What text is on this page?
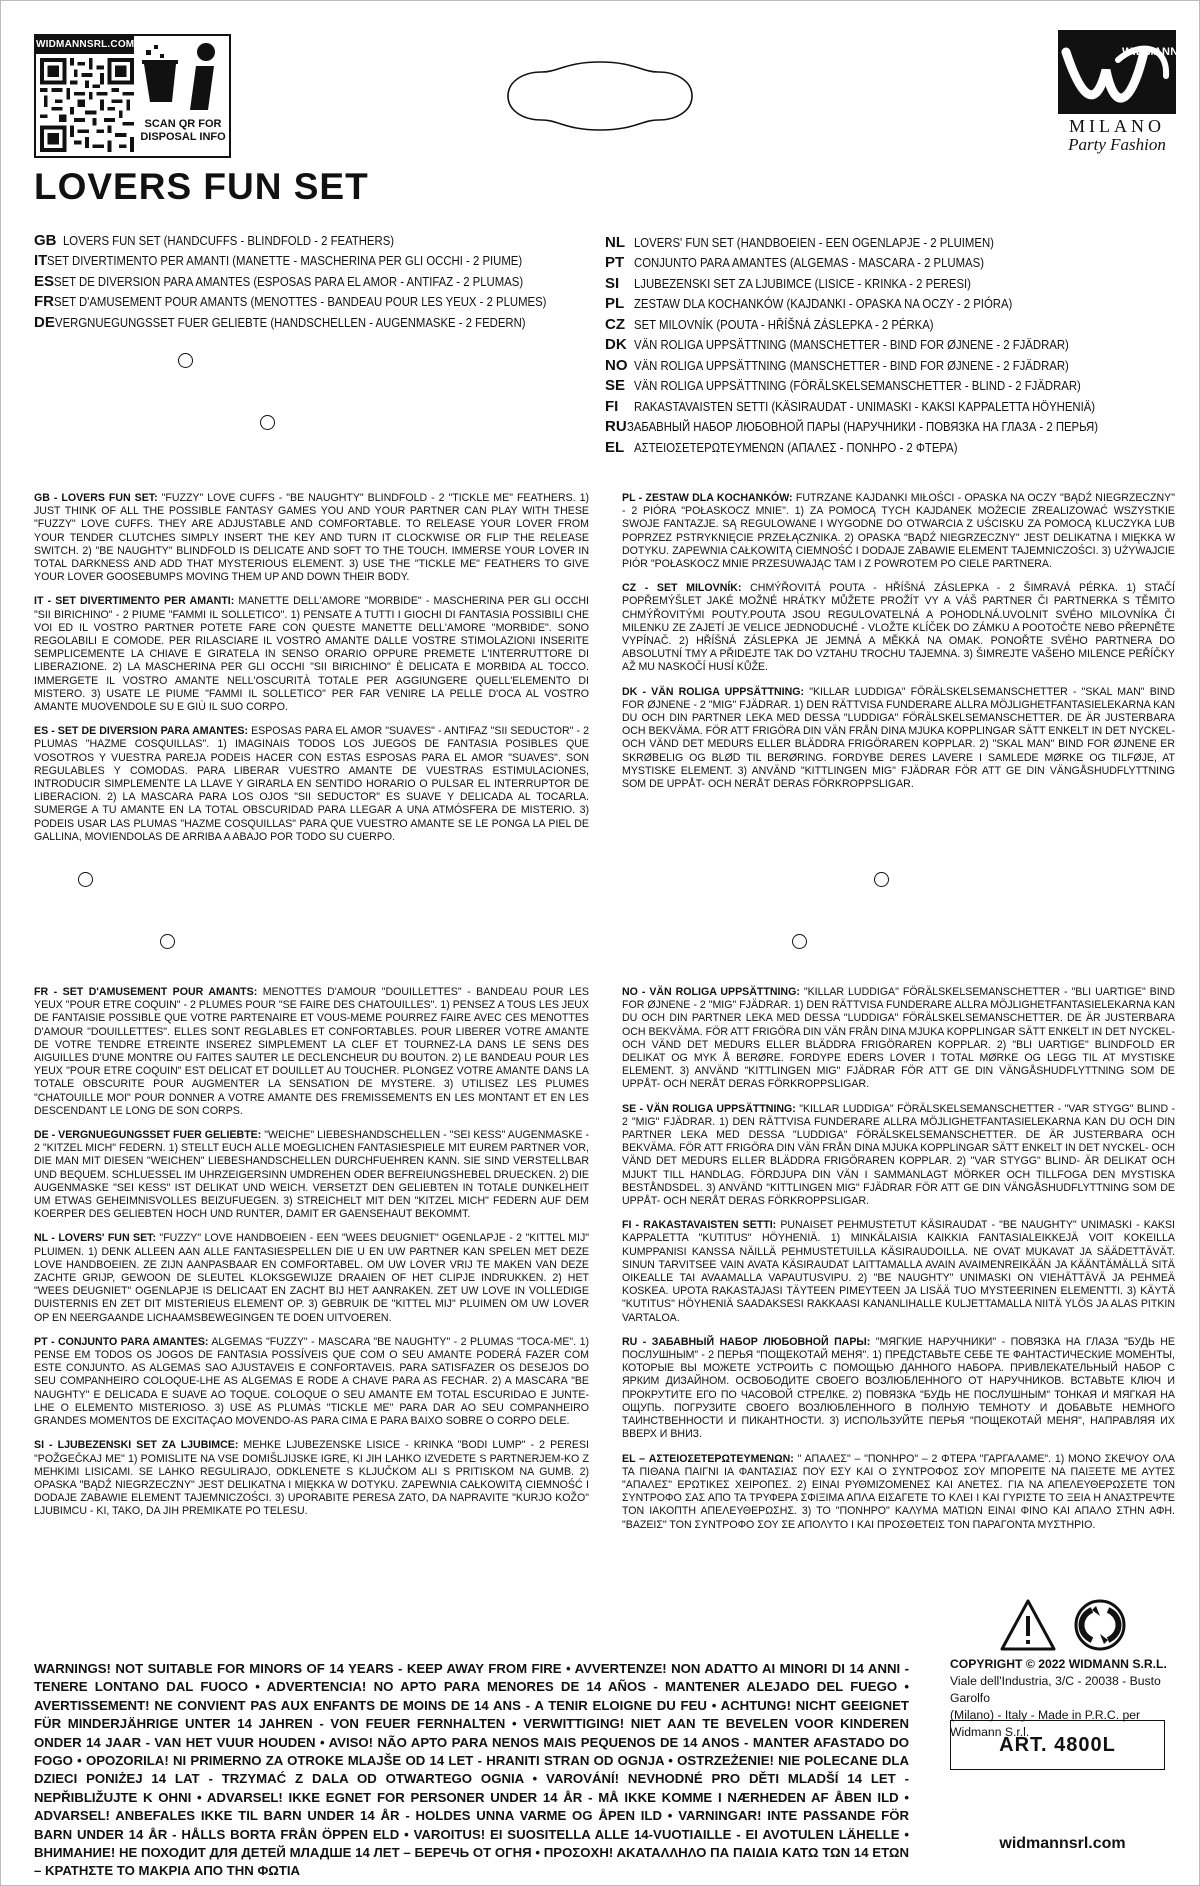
WIDMANNSRL.COM
SCAN QR FOR
DISPOSAL INFO
WIDMANN
MILANO
Party Fashion
LOVERS FUN SET
GB LOVERS FUN SET (HANDCUFFS - BLINDFOLD - 2 FEATHERS)
IT SET DIVERTIMENTO PER AMANTI (MANETTE - MASCHERINA PER GLI OCCHI - 2 PIUME)
ES SET DE DIVERSION PARA AMANTES (ESPOSAS PARA EL AMOR - ANTIFAZ - 2 PLUMAS)
FR SET D'AMUSEMENT POUR AMANTS (MENOTTES - BANDEAU POUR LES YEUX - 2 PLUMES)
DE VERGNUEGUNGSSET FUER GELIEBTE (HANDSCHELLEN - AUGENMASKE - 2 FEDERN)
NL LOVERS' FUN SET (HANDBOEIEN - EEN OGENLAPJE - 2 PLUIMEN)
PT CONJUNTO PARA AMANTES (ALGEMAS - MASCARA - 2 PLUMAS)
SI	LJUBEZENSKI SET ZA LJUBIMCE (LISICE - KRINKA - 2 PERESI)
PL ZESTAW DLA KOCHANKÓW (KAJDANKI - OPASKA NA OCZY - 2 PIÓRA)
CZ SET MILOVNÍK (POUTA - HŘÍŠNÁ ZÁSLEPKA - 2 PÉRKA)
DK VÄN ROLIGA UPPSÄTTNING (MANSCHETTER - BIND FOR ØJNENE - 2 FJÄDRAR)
NO VÄN ROLIGA UPPSÄTTNING (MANSCHETTER - BIND FOR ØJNENE - 2 FJÄDRAR)
SE VÄN ROLIGA UPPSÄTTNING (FÖRÄLSKELSEMANSCHETTER - BLIND - 2 FJÄDRAR)
FI	RAKASTAVAISTEN SETTI (KÄSIRAUDAT - UNIMASKI - KAKSI KAPPALETTA HÖYHENIÄ)
RU ЗАБАВНЫЙ НАБОР ЛЮБОВНОЙ ПАРЫ (НАРУЧНИКИ - ПОВЯЗКА НА ГЛАЗА - 2 ПЕРЬЯ)
EL ΑΣΤΕΙΟΣΕΤΕΡΩΤΕΥΜΕΝΩΝ (ΑΠΑΛΕΣ - ΠΟΝΗΡΟ - 2 ΦΤΕΡΑ)

GB - LOVERS FUN SET: "FUZZY" LOVE CUFFS - "BE NAUGHTY" BLINDFOLD - 2 "TICKLE ME" FEATHERS. 1) JUST THINK OF ALL THE POSSIBLE FANTASY GAMES YOU AND YOUR PARTNER CAN PLAY WITH THESE "FUZZY" LOVE CUFFS. THEY ARE ADJUSTABLE AND COMFORTABLE. TO RELEASE YOUR LOVER FROM YOUR TENDER CLUTCHES SIMPLY INSERT THE KEY AND TURN IT CLOCKWISE OR FLIP THE RELEASE SWITCH. 2) "BE NAUGHTY" BLINDFOLD IS DELICATE AND SOFT TO THE TOUCH. IMMERSE YOUR LOVER IN TOTAL DARKNESS AND ADD THAT MYSTERIOUS ELEMENT. 3) USE THE "TICKLE ME" FEATHERS TO GIVE YOUR LOVER GOOSEBUMPS MOVING THEM UP AND DOWN THEIR BODY.

IT - SET DIVERTIMENTO PER AMANTI: MANETTE DELL'AMORE "MORBIDE" - MASCHERINA PER GLI OCCHI "SII BIRICHINO" - 2 PIUME "FAMMI IL SOLLETICO". 1) PENSATE A TUTTI I GIOCHI DI FANTASIA POSSIBILI CHE VOI ED IL VOSTRO PARTNER POTETE FARE CON QUESTE MANETTE DELL'AMORE "MORBIDE". SONO REGOLABILI E COMODE. PER RILASCIARE IL VOSTRO AMANTE DALLE VOSTRE STIMOLAZIONI INSERITE SEMPLICEMENTE LA CHIAVE E GIRATELA IN SENSO ORARIO OPPURE PREMETE L'INTERRUTTORE DI LIBERAZIONE. 2) LA MASCHERINA PER GLI OCCHI "SII BIRICHINO" È DELICATA E MORBIDA AL TOCCO. IMMERGETE IL VOSTRO AMANTE NELL'OSCURITÀ TOTALE PER AGGIUNGERE QUELL'ELEMENTO DI MISTERO. 3) USATE LE PIUME "FAMMI IL SOLLETICO" PER FAR VENIRE LA PELLE D'OCA AL VOSTRO AMANTE MUOVENDOLE SU E GIÙ IL SUO CORPO.

ES - SET DE DIVERSION PARA AMANTES: ESPOSAS PARA EL AMOR "SUAVES" - ANTIFAZ "SII SEDUCTOR" - 2 PLUMAS "HAZME COSQUILLAS". 1) IMAGINAIS TODOS LOS JUEGOS DE FANTASIA POSIBLES QUE VOSOTROS Y VUESTRA PAREJA PODEIS HACER CON ESTAS ESPOSAS PARA EL AMOR "SUAVES". SON REGULABLES Y COMODAS. PARA LIBERAR VUESTRO AMANTE DE VUESTRAS ESTIMULACIONES, INTRODUCIR SIMPLEMENTE LA LLAVE Y GIRARLA EN SENTIDO HORARIO O PULSAR EL INTERRUPTOR DE LIBERACION. 2) LA MASCARA PARA LOS OJOS "SII SEDUCTOR" ES SUAVE Y DELICADA AL TOCARLA. SUMERGE A TU AMANTE EN LA TOTAL OBSCURIDAD PARA LLEGAR A UNA ATMÓSFERA DE MISTERIO. 3) PODEIS USAR LAS PLUMAS "HAZME COSQUILLAS" PARA QUE VUESTRO AMANTE SE LE PONGA LA PIEL DE GALLINA, MOVIENDOLAS DE ARRIBA A ABAJO POR TODO SU CUERPO.

PL - ZESTAW DLA KOCHANKÓW: FUTRZANE KAJDANKI MIŁOŚCI - OPASKA NA OCZY "BĄDŹ NIEGRZECZNY" - 2 PIÓRA "POŁASKOCZ MNIE". 1) ZA POMOCĄ TYCH KAJDANEK MOŻECIE ZREALIZOWAĆ WSZYSTKIE SWOJE FANTAZJE. SĄ REGULOWANE I WYGODNE DO OTWARCIA Z UŚCISKU ZA POMOCĄ KLUCZYKA LUB POPRZEZ PSTRYKNIĘCIE PRZEŁĄCZNIKA. 2) OPASKA "BĄDŹ NIEGRZECZNY" JEST DELIKATNA I MIĘKKA W DOTYKU. ZAPEWNIA CAŁKOWITĄ CIEMNOŚĆ I DODAJE ZABAWIE ELEMENT TAJEMNICZOŚCI. 3) UŻYWAJCIE PIÓR "POŁASKOCZ MNIE PRZESUWAJĄC TAM I Z POWROTEM PO CIELE PARTNERA.

CZ - SET MILOVNÍK: CHMÝŘOVITÁ POUTA - HŘÍŠNÁ ZÁSLEPKA - 2 ŠIMRAVÁ PÉRKA. 1) STAČÍ POPŘEMÝŠLET JAKÉ MOŽNÉ HRÁTKY MŮŽETE PROŽÍT VY A VÁŠ PARTNER ČI PARTNERKA S TĚMITO CHMÝŘOVITÝMI POUTY.POUTA JSOU REGULOVATELNÁ A POHODLNÁ.UVOLNIT SVÉHO MILOVNÍKA ČI MILENKU ZE ZAJETÍ JE VELICE JEDNODUCHÉ - VLOŽTE KLÍČEK DO ZÁMKU A POOTOČTE NEBO PŘEPNĚTE VYPÍNAČ. 2) HŘÍŠNÁ ZÁSLEPKA JE JEMNÁ A MĚKKÁ NA OMAK. PONOŘTE SVÉHO PARTNERA DO ABSOLUTNÍ TMY A PŘIDEJTE TAK DO VZTAHU TROCHU TAJEMNA. 3) ŠIMREJTE VAŠEHO MILENCE PEŘÍČKY AŽ MU NASKOČÍ HUSÍ KŮŽE.

DK - VÄN ROLIGA UPPSÄTTNING: "KILLAR LUDDIGA" FÖRÄLSKELSEMANSCHETTER - "SKAL MAN" BIND FOR ØJNENE - 2 "MIG" FJÄDRAR. 1) DEN RÄTTVISA FUNDERARE ALLRA MÖJLIGHETFANTASIELEKARNA KAN DU OCH DIN PARTNER LEKA MED DESSA "LUDDIGA" FÖRÄLSKELSEMANSCHETTER. DE ÄR JUSTERBARA OCH BEKVÄMA. FÖR ATT FRIGÖRA DIN VÄN FRÅN DINA MJUKA KOPPLINGAR SÄTT ENKELT IN DET NYCKEL- OCH VÄND DET MEDURS ELLER BLÄDDRA FRIGÖRAREN KOPPLAR. 2) "SKAL MAN" BIND FOR ØJNENE ER SKRØBELIG OG BLØD TIL BERØRING. FORDYBE DERES LAVERE I SAMLEDE MØRKE OG TILFØJE, AT MYSTISKE ELEMENT. 3) ANVÄND "KITTLINGEN MIG" FJÄDRAR FÖR ATT GE DIN VÄNGÅSHUDFLYTTNING SOM DE UPPÅT- OCH NERÅT DERAS FÖRKROPPSLIGAR.

FR - SET D'AMUSEMENT POUR AMANTS: MENOTTES D'AMOUR "DOUILLETTES" - BANDEAU POUR LES YEUX "POUR ETRE COQUIN" - 2 PLUMES POUR "SE FAIRE DES CHATOUILLES". 1) PENSEZ A TOUS LES JEUX DE FANTAISIE POSSIBLE QUE VOTRE PARTENAIRE ET VOUS-MEME POURREZ FAIRE AVEC CES MENOTTES D'AMOUR "DOUILLETTES". ELLES SONT REGLABLES ET CONFORTABLES. POUR LIBERER VOTRE AMANTE DE VOTRE TENDRE ETREINTE INSEREZ SIMPLEMENT LA CLEF ET TOURNEZ-LA DANS LE SENS DES AIGUILLES D'UNE MONTRE OU FAITES SAUTER LE DECLENCHEUR DU BOUTON. 2) LE BANDEAU POUR LES YEUX "POUR ETRE COQUIN" EST DELICAT ET DOUILLET AU TOUCHER. PLONGEZ VOTRE AMANTE DANS LA TOTALE OBSCURITE POUR AUGMENTER LA SENSATION DE MYSTERE. 3) UTILISEZ LES PLUMES "CHATOUILLE MOI" POUR DONNER A VOTRE AMANTE DES FREMISSEMENTS EN LES MONTANT ET EN LES DESCENDANT LE LONG DE SON CORPS.

DE - VERGNUEGUNGSSET FUER GELIEBTE: "WEICHE" LIEBESHANDSCHELLEN - "SEI KESS" AUGENMASKE - 2 "KITZEL MICH" FEDERN. 1) STELLT EUCH ALLE MOEGLICHEN FANTASIESPIELE MIT EUREM PARTNER VOR, DIE MAN MIT DIESEN "WEICHEN" LIEBESHANDSCHELLEN DURCHFUEHREN KANN. SIE SIND VERSTELLBAR UND BEQUEM. SCHLUESSEL IM UHRZEIGERSINN UMDREHEN ODER BEFREIUNGSHEBEL DRUECKEN. 2) DIE AUGENMASKE "SEI KESS" IST DELIKAT UND WEICH. VERSETZT DEN GELIEBTEN IN TOTALE DUNKELHEIT UM ETWAS GEHEIMNISVOLLES BEIZUFUEGEN. 3) STREICHELT MIT DEN "KITZEL MICH" FEDERN AUF DEM KOERPER DES GELIEBTEN HOCH UND RUNTER, DAMIT ER GAENSEHAUT BEKOMMT.

NL - LOVERS' FUN SET: "FUZZY" LOVE HANDBOEIEN - EEN "WEES DEUGNIET" OGENLAPJE - 2 "KITTEL MIJ" PLUIMEN. 1) DENK ALLEEN AAN ALLE FANTASIESPELLEN DIE U EN UW PARTNER KAN SPELEN MET DEZE LOVE HANDBOEIEN. ZE ZIJN AANPASBAAR EN COMFORTABEL. OM UW LOVER VRIJ TE MAKEN VAN DEZE ZACHTE GRIJP, GEWOON DE SLEUTEL KLOKSGEWIJZE DRAAIEN OF HET CLIPJE INDRUKKEN. 2) HET "WEES DEUGNIET" OGENLAPJE IS DELICAAT EN ZACHT BIJ HET AANRAKEN. ZET UW LOVE IN VOLLEDIGE DUISTERNIS EN ZET DIT MISTERIEUS ELEMENT OP. 3) GEBRUIK DE "KITTEL MIJ" PLUIMEN OM UW LOVER OP EN NEERGAANDE LICHAAMSBEWEGINGEN TE DOEN UITVOEREN.

PT - CONJUNTO PARA AMANTES: ALGEMAS "FUZZY" - MASCARA "BE NAUGHTY" - 2 PLUMAS "TOCA-ME". 1) PENSE EM TODOS OS JOGOS DE FANTASIA POSSÍVEIS QUE COM O SEU AMANTE PODERÁ FAZER COM ESTE CONJUNTO. AS ALGEMAS SAO AJUSTAVEIS E CONFORTAVEIS. PARA SATISFAZER OS DESEJOS DO SEU COMPANHEIRO COLOQUE-LHE AS ALGEMAS E RODE A CHAVE PARA AS FECHAR. 2) A MASCARA "BE NAUGHTY" E DELICADA E SUAVE AO TOQUE. COLOQUE O SEU AMANTE EM TOTAL ESCURIDAO E JUNTE-LHE O ELEMENTO MISTERIOSO. 3) USE AS PLUMAS "TICKLE ME" PARA DAR AO SEU COMPANHEIRO GRANDES MOMENTOS DE EXCITAÇAO MOVENDO-AS PARA CIMA E PARA BAIXO SOBRE O CORPO DELE.

SI - LJUBEZENSKI SET ZA LJUBIMCE: MEHKE LJUBEZENSKE LISICE - KRINKA "BODI LUMP" - 2 PERESI "POŽGEČKAJ ME" 1) POMISLITE NA VSE DOMIŠLJIJSKE IGRE, KI JIH LAHKO IZVEDETE S PARTNERJEM-KO Z MEHKIMI LISICAMI. SE LAHKO REGULIRAJO, ODKLENETE S KLJUČKOM ALI S PRITISKOM NA GUMB. 2) OPASKA "BĄDŹ NIEGRZECZNY" JEST DELIKATNA I MIĘKKA W DOTYKU. ZAPEWNIA CAŁKOWITĄ CIEMNOŚĆ I DODAJE ZABAWIE ELEMENT TAJEMNICZOŚCI. 3) UPORABITE PERESA ZATO, DA NAPRAVITE "KURJO KOŽO" LJUBIMCU - KI, TAKO, DA JIH PREMIKATE PO TELESU.

NO - VÄN ROLIGA UPPSÄTTNING: "KILLAR LUDDIGA" FÖRÄLSKELSEMANSCHETTER - "BLI UARTIGE" BIND FOR ØJNENE - 2 "MIG" FJÄDRAR. 1) DEN RÄTTVISA FUNDERARE ALLRA MÖJLIGHETFANTASIELEKARNA KAN DU OCH DIN PARTNER LEKA MED DESSA "LUDDIGA" FÖRÄLSKELSEMANSCHETTER. DE ÄR JUSTERBARA OCH BEKVÄMA. FÖR ATT FRIGÖRA DIN VÄN FRÅN DINA MJUKA KOPPLINGAR SÄTT ENKELT IN DET NYCKEL- OCH VÄND DET MEDURS ELLER BLÄDDRA FRIGÖRAREN KOPPLAR. 2) "BLI UARTIGE" BLINDFOLD ER DELIKAT OG MYK Å BERØRE. FORDYPE EDERS LOVER I TOTAL MØRKE OG LEGG TIL AT MYSTISKE ELEMENT. 3) ANVÄND "KITTLINGEN MIG" FJÄDRAR FÖR ATT GE DIN VÄNGÅSHUDFLYTTNING SOM DE UPPÅT- OCH NERÅT DERAS FÖRKROPPSLIGAR.

SE - VÄN ROLIGA UPPSÄTTNING: "KILLAR LUDDIGA" FÖRÄLSKELSEMANSCHETTER - "VAR STYGG" BLIND - 2 "MIG" FJÄDRAR. 1) DEN RÄTTVISA FUNDERARE ALLRA MÖJLIGHETFANTASIELEKARNA KAN DU OCH DIN PARTNER LEKA MED DESSA "LUDDIGA" FÖRÄLSKELSEMANSCHETTER. DE ÄR JUSTERBARA OCH BEKVÄMA. FÖR ATT FRIGÖRA DIN VÄN FRÅN DINA MJUKA KOPPLINGAR SÄTT ENKELT IN DET NYCKEL- OCH VÄND DET MEDURS ELLER BLÄDDRA FRIGÖRAREN KOPPLAR. 2) "VAR STYGG" BLIND- ÄR DELIKAT OCH MJUKT TILL HANDLAG. FÖRDJUPA DIN VÄN I SAMMANLAGT MÖRKER OCH TILLFOGA DEN MYSTISKA BESTÅNDSDEL. 3) ANVÄND "KITTLINGEN MIG" FJÄDRAR FÖR ATT GE DIN VÄNGÅSHUDFLYTTNING SOM DE UPPÅT- OCH NERÅT DERAS FÖRKROPPSLIGAR.

FI - RAKASTAVAISTEN SETTI: PUNAISET PEHMUSTETUT KÄSIRAUDAT - "BE NAUGHTY" UNIMASKI - KAKSI KAPPALETTA "KUTITUS" HÖYHENIÄ. 1) MINKÄLAISIA KAIKKIA FANTASIALEIKKEJÄ VOIT KOKEILLA KUMPPANISI KANSSA NÄILLÄ PEHMUSTETUILLA KÄSIRAUDOILLA. NE OVAT MUKAVAT JA SÄÄDETTÄVÄT. SINUN TARVITSEE VAIN AVATA KÄSIRAUDAT LAITTAMALLA AVAIN AVAIMENREIKÄÄN JA KÄÄNTÄMÄLLÄ SITÄ OIKEALLE TAI AVAAMALLA VAPAUTUSVIPU. 2) "BE NAUGHTY" UNIMASKI ON VIEHÄTTÄVÄ JA PEHMEÄ KOSKEA. UPOTA RAKASTAJASI TÄYTEEN PIMEYTEEN JA LISÄÄ TUO MYSTEERINEN ELEMENTTI. 3) KÄYTÄ "KUTITUS" HÖYHENIÄ SAADAKSESI RAKKAASI KANANLIHALLE KULJETTAMALLA NIITÄ YLÖS JA ALAS PITKIN VARTALOA.

RU - ЗАБАВНЫЙ НАБОР ЛЮБОВНОЙ ПАРЫ: "МЯГКИЕ НАРУЧНИКИ" - ПОВЯЗКА НА ГЛАЗА "БУДЬ НЕ ПОСЛУШНЫМ" - 2 ПЕРЬЯ "ПОЩЕКОТАЙ МЕНЯ". 1) ПРЕДСТАВЬТЕ СЕБЕ ТЕ ФАНТАСТИЧЕСКИЕ МОМЕНТЫ, КОТОРЫЕ ВЫ МОЖЕТЕ УСТРОИТЬ С ПОМОЩЬЮ ДАННОГО НАБОРА. ПРИВЛЕКАТЕЛЬНЫЙ НАБОР С ЯРКИМ ДИЗАЙНОМ. ОСВОБОДИТЕ СВОЕГО ВОЗЛЮБЛЕННОГО ОТ НАРУЧНИКОВ. ВСТАВЬТЕ КЛЮЧ И ПРОКРУТИТЕ ЕГО ПО ЧАСОВОЙ СТРЕЛКЕ. 2) ПОВЯЗКА "БУДЬ НЕ ПОСЛУШНЫМ" ТОНКАЯ И МЯГКАЯ НА ОЩУПЬ. ПОГРУЗИТЕ СВОЕГО ВОЗЛЮБЛЕННОГО В ПОЛНУЮ ТЕМНОТУ И ДОБАВЬТЕ НЕМНОГО ТАИНСТВЕННОСТИ И ПИКАНТНОСТИ. 3) ИСПОЛЬЗУЙТЕ ПЕРЬЯ "ПОЩЕКОТАЙ МЕНЯ", НАПРАВЛЯЯ ИХ ВВЕРХ И ВНИЗ.

EL – ΑΣΤΕΙΟΣΕΤΕΡΩΤΕΥΜΕΝΩΝ: " ΑΠΑΛΕΣ" – "ΠΟΝΗΡΟ" – 2 ΦΤΕΡΑ "ΓΑΡΓΑΛΑΜΕ". 1) ΜΟΝΟ ΣΚΕΨΟΥ ΟΛΑ ΤΑ ΠΙΘΑΝΑ ΠΑΙΓΝΙ ΙΑ ΦΑΝΤΑΣΙΑΣ ΠΟΥ ΕΣΥ ΚΑΙ Ο ΣΥΝΤΡΟΦΟΣ ΣΟΥ ΜΠΟΡΕΙΤΕ ΝΑ ΠΑΙΞΕΤΕ ΜΕ ΑΥΤΕΣ "ΑΠΑΛΕΣ" ΕΡΩΤΙΚΕΣ ΧΕΙΡΟΠΕΣ. 2) ΕΙΝΑΙ ΡΥΘΜΙΖΟΜΕΝΕΣ ΚΑΙ ΑΝΕΤΕΣ. ΓΙΑ ΝΑ ΑΠΕΛΕΥΘΕΡΩΣΕΤΕ ΤΟΝ ΣΥΝΤΡΟΦΟ ΣΑΣ ΑΠΟ ΤΑ ΤΡΥΦΕΡΑ ΣΦΙΞΙΜΑ ΑΠΛΑ ΕΙΣΑΓΕΤΕ ΤΟ ΚΛΕΙ Ι ΚΑΙ ΓΥΡΙΣΤΕ ΤΟ ΞΕΙΑ Η ΑΝΑΣΤΡΕΨΤΕ ΤΟΝ ΙΑΚΟΠΤΗ ΑΠΕΛΕΥΘΕΡΩΣΗΣ. 3) ΤΟ "ΠΟΝΗΡΟ" ΚΑΛΥΜΑ ΜΑΤΙΩΝ ΕΙΝΑΙ ΦΙΝΟ ΚΑΙ ΑΠΑΛΟ ΣΤΗΝ ΑΦΗ. "ΒΑΖΕΙΣ" ΤΟΝ ΣΥΝΤΡΟΦΟ ΣΟΥ ΣΕ ΑΠΟΛΥΤΟ Ι ΚΑΙ ΠΡΟΣΘΕΤΕΙΣ ΤΟΝ ΠΑΡΑΓΟΝΤΑ ΜΥΣΤΗΡΙΟ.

WARNINGS! NOT SUITABLE FOR MINORS OF 14 YEARS - KEEP AWAY FROM FIRE • AVVERTENZE! NON ADATTO AI MINORI DI 14 ANNI - TENERE LONTANO DAL FUOCO • ADVERTENCIA! NO APTO PARA MENORES DE 14 AÑOS - MANTENER ALEJADO DEL FUEGO • AVERTISSEMENT! NE CONVIENT PAS AUX ENFANTS DE MOINS DE 14 ANS - A TENIR ELOIGNE DU FEU • ACHTUNG! NICHT GEEIGNET FÜR MINDERJÄHRIGE UNTER 14 JAHREN - VON FEUER FERNHALTEN • VERWITTIGING! NIET AAN TE BEVELEN VOOR KINDEREN ONDER 14 JAAR - VAN HET VUUR HOUDEN • AVISO! NÃO APTO PARA NENOS MAIS PEQUENOS DE 14 ANOS - MANTER AFASTADO DO FOGO • OPOZORILA! NI PRIMERNO ZA OTROKE MLAJŠE OD 14 LET - HRANITI STRAN OD OGNJA • OSTRZEŻENIE! NIE POLECANE DLA DZIECI PONIŻEJ 14 LAT - TRZYMAĆ Z DALA OD OTWARTEGO OGNIA • VAROVÁNÍ! NEVHODNÉ PRO DĚTI MLADŠÍ 14 LET - NEPŘIBLIŽUJTE K OHNI • ADVARSEL! IKKE EGNET FOR PERSONER UNDER 14 ÅR - MÅ IKKE KOMME I NÆRHEDEN AF ÅBEN ILD • ADVARSEL! ANBEFALES IKKE TIL BARN UNDER 14 ÅR - HOLDES UNNA VARME OG ÅPEN ILD • VARNINGAR! INTE PASSANDE FÖR BARN UNDER 14 ÅR - HÅLLS BORTA FRÅN ÖPPEN ELD • VAROITUS! EI SUOSITELLA ALLE 14-VUOTIAILLE - EI AVOTULEN LÄHELLE • ВНИМАНИЕ! НЕ ПОХОДИТ ДЛЯ ДЕТЕЙ МЛАДШЕ 14 ЛЕТ – БЕРЕЧЬ ОТ ОГНЯ • ΠΡΟΣΟΧΗ! ΑΚΑΤΑΛΛΗΛΟ ΠΑ ΠΑΙΔΙΑ ΚΑΤΩ ΤΩΝ 14 ΕΤΩΝ – ΚΡΑΤΗΣΤΕ ΤΟ ΜΑΚΡΙΑ ΑΠΟ ΤΗΝ ΦΩΤΙΑ
COPYRIGHT © 2022 WIDMANN S.R.L.
Viale dell'Industria, 3/C - 20038 - Busto Garolfo
(Milano) - Italy - Made in P.R.C. per Widmann S.r.l.
ART. 4800L
widmannsrl.com
